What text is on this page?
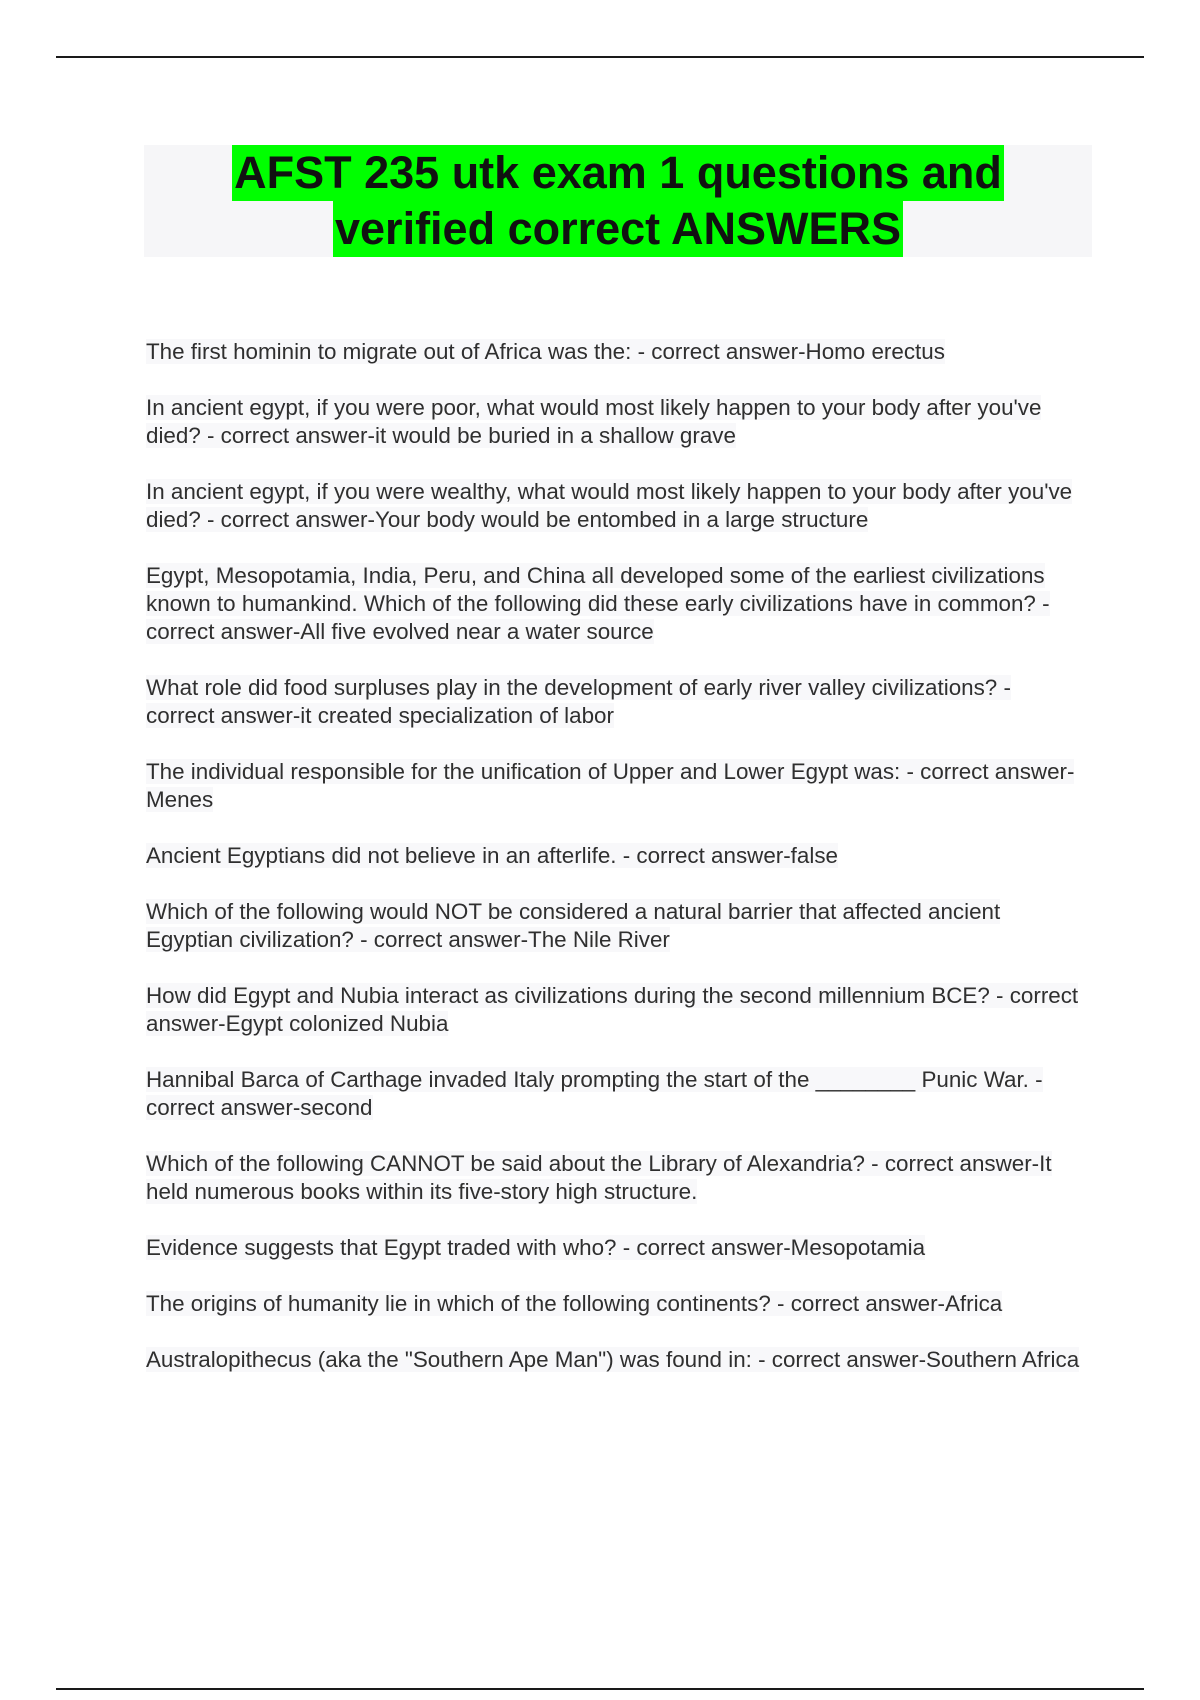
AFST 235 utk exam 1 questions and
verified correct ANSWERS

The first hominin to migrate out of Africa was the: - correct answer-Homo erectus

In ancient egypt, if you were poor, what would most likely happen to your body after you've died? - correct answer-it would be buried in a shallow grave

In ancient egypt, if you were wealthy, what would most likely happen to your body after you've died? - correct answer-Your body would be entombed in a large structure

Egypt, Mesopotamia, India, Peru, and China all developed some of the earliest civilizations known to humankind. Which of the following did these early civilizations have in common? - correct answer-All five evolved near a water source

What role did food surpluses play in the development of early river valley civilizations? - correct answer-it created specialization of labor

The individual responsible for the unification of Upper and Lower Egypt was: - correct answer-Menes

Ancient Egyptians did not believe in an afterlife. - correct answer-false

Which of the following would NOT be considered a natural barrier that affected ancient Egyptian civilization? - correct answer-The Nile River

How did Egypt and Nubia interact as civilizations during the second millennium BCE? - correct answer-Egypt colonized Nubia

Hannibal Barca of Carthage invaded Italy prompting the start of the ________ Punic War. - correct answer-second

Which of the following CANNOT be said about the Library of Alexandria? - correct answer-It held numerous books within its five-story high structure.

Evidence suggests that Egypt traded with who? - correct answer-Mesopotamia

The origins of humanity lie in which of the following continents? - correct answer-Africa

Australopithecus (aka the "Southern Ape Man") was found in: - correct answer-Southern Africa
